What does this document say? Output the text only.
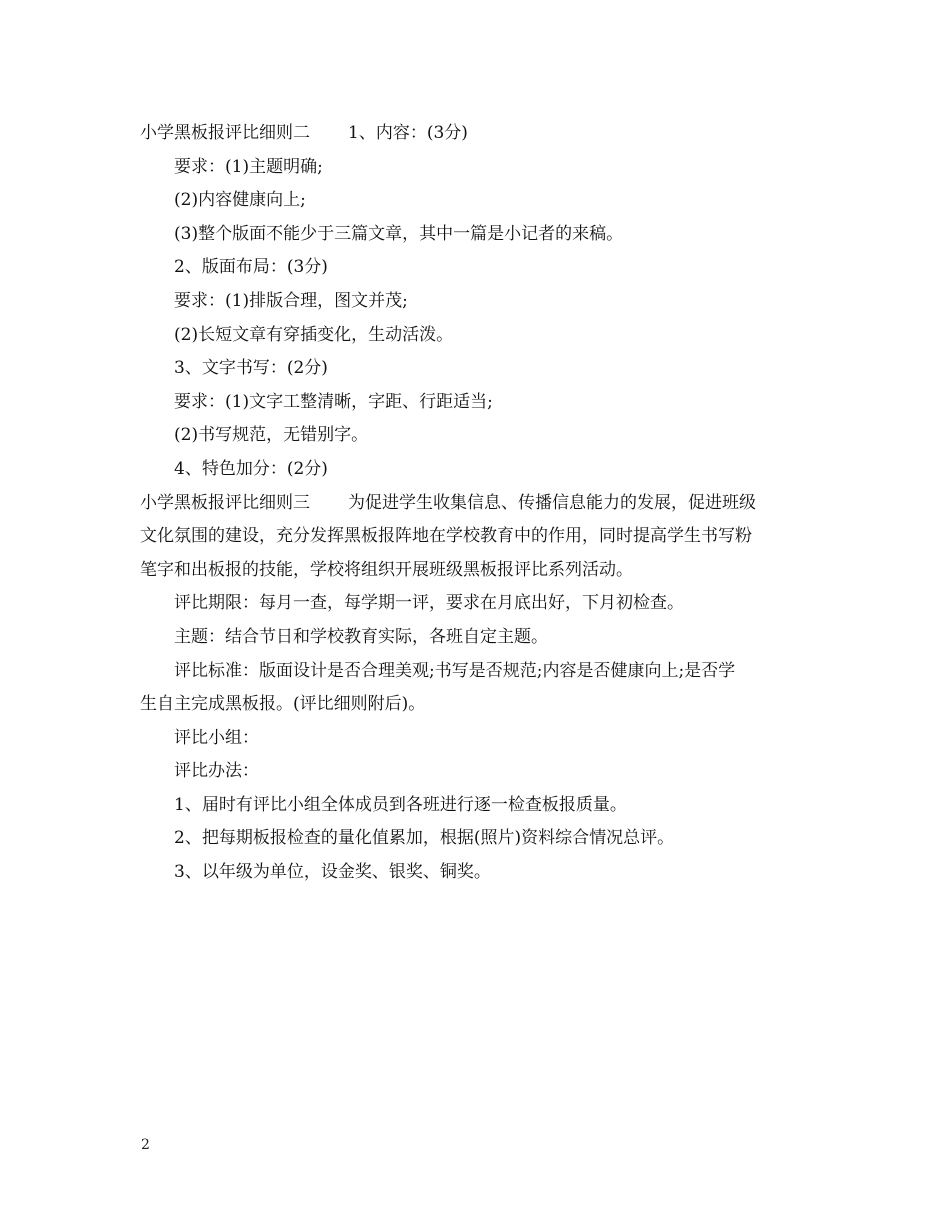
小学黑板报评比细则二 1、内容：(3分)
要求：(1)主题明确;
(2)内容健康向上;
(3)整个版面不能少于三篇文章，其中一篇是小记者的来稿。
2、版面布局：(3分)
要求：(1)排版合理，图文并茂;
(2)长短文章有穿插变化，生动活泼。
3、文字书写：(2分)
要求：(1)文字工整清晰，字距、行距适当;
(2)书写规范，无错别字。
4、特色加分：(2分)
小学黑板报评比细则三 为促进学生收集信息、传播信息能力的发展，促进班级
文化氛围的建设，充分发挥黑板报阵地在学校教育中的作用，同时提高学生书写粉
笔字和出板报的技能，学校将组织开展班级黑板报评比系列活动。
评比期限：每月一查，每学期一评，要求在月底出好，下月初检查。
主题：结合节日和学校教育实际，各班自定主题。
评比标准：版面设计是否合理美观;书写是否规范;内容是否健康向上;是否学
生自主完成黑板报。(评比细则附后)。
评比小组：
评比办法：
1、届时有评比小组全体成员到各班进行逐一检查板报质量。
2、把每期板报检查的量化值累加，根据(照片)资料综合情况总评。
3、以年级为单位，设金奖、银奖、铜奖。
2
